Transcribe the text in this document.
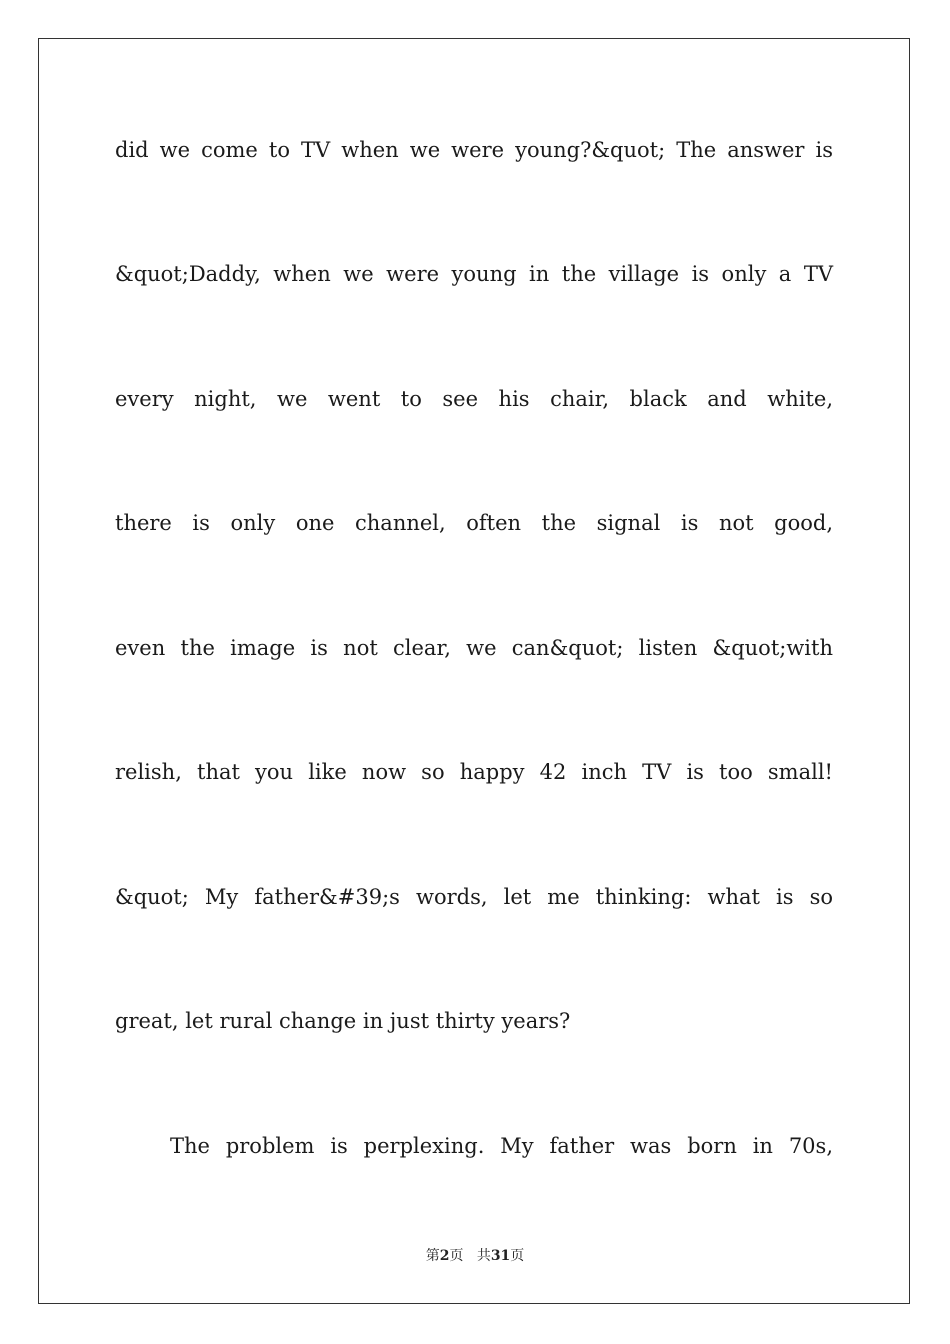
did we come to TV when we were young?&quot; The answer is
&quot;Daddy, when we were young in the village is only a TV
every night, we went to see his chair, black and white,
there is only one channel, often the signal is not good,
even the image is not clear, we can&quot; listen &quot;with
relish, that you like now so happy 42 inch TV is too small!
&quot; My father&#39;s words, let me thinking: what is so
great, let rural change in just thirty years?
The problem is perplexing. My father was born in 70s,
第2页 共31页
